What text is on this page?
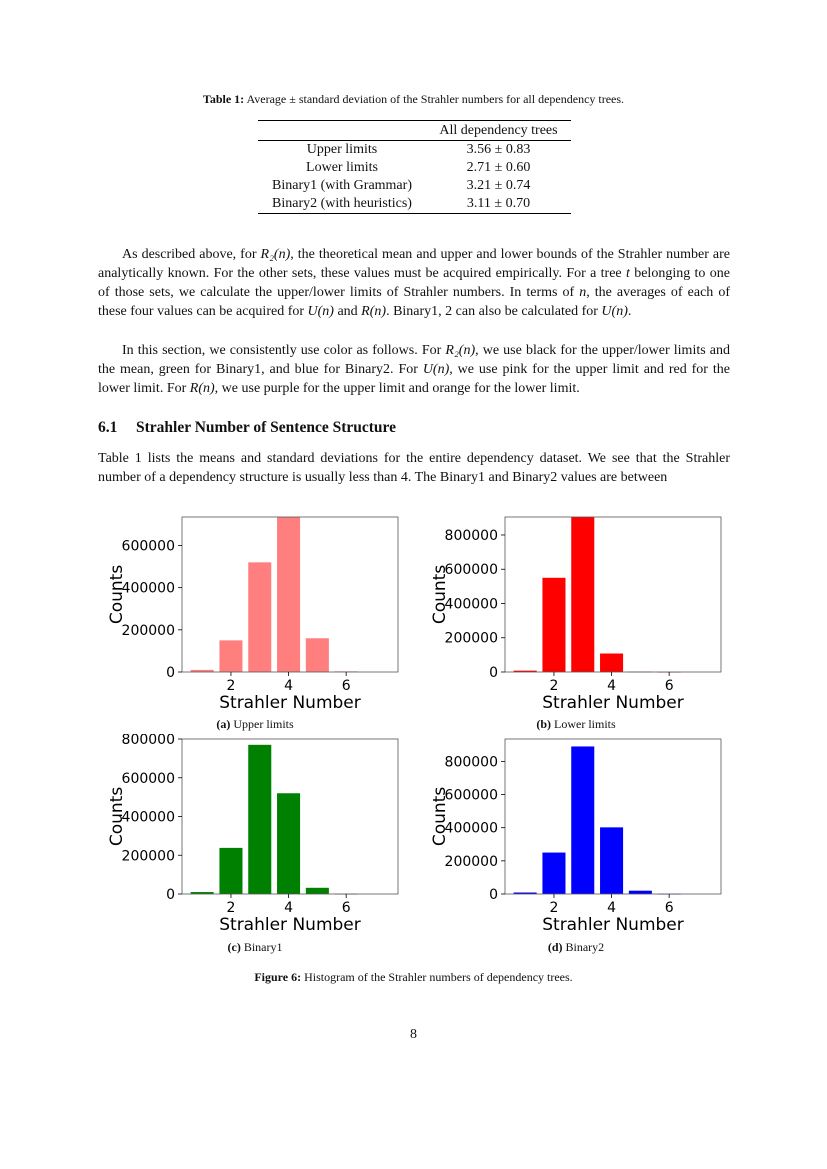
Table 1: Average ± standard deviation of the Strahler numbers for all dependency trees.
	All dependency trees
Upper limits	3.56 ± 0.83
Lower limits	2.71 ± 0.60
Binary1 (with Grammar)	3.21 ± 0.74
Binary2 (with heuristics)	3.11 ± 0.70

As described above, for R₂(n), the theoretical mean and upper and lower bounds of the Strahler number are analytically known. For the other sets, these values must be acquired empirically. For a tree t belonging to one of those sets, we calculate the upper/lower limits of Strahler numbers. In terms of n, the averages of each of these four values can be acquired for U(n) and R(n). Binary1, 2 can also be calculated for U(n).

In this section, we consistently use color as follows. For R₂(n), we use black for the upper/lower limits and the mean, green for Binary1, and blue for Binary2. For U(n), we use pink for the upper limit and red for the lower limit. For R(n), we use purple for the upper limit and orange for the lower limit.

6.1 Strahler Number of Sentence Structure

Table 1 lists the means and standard deviations for the entire dependency dataset. We see that the Strahler number of a dependency structure is usually less than 4. The Binary1 and Binary2 values are between

0
200000
400000
600000
2	4	6
Strahler Number
Counts
(a) Upper limits
0
200000
400000
600000
800000
2	4	6
Strahler Number
Counts
(b) Lower limits
0
200000
400000
600000
800000
2	4	6
Strahler Number
Counts
(c) Binary1
0
200000
400000
600000
800000
2	4	6
Strahler Number
Counts
(d) Binary2
Figure 6: Histogram of the Strahler numbers of dependency trees.
8
